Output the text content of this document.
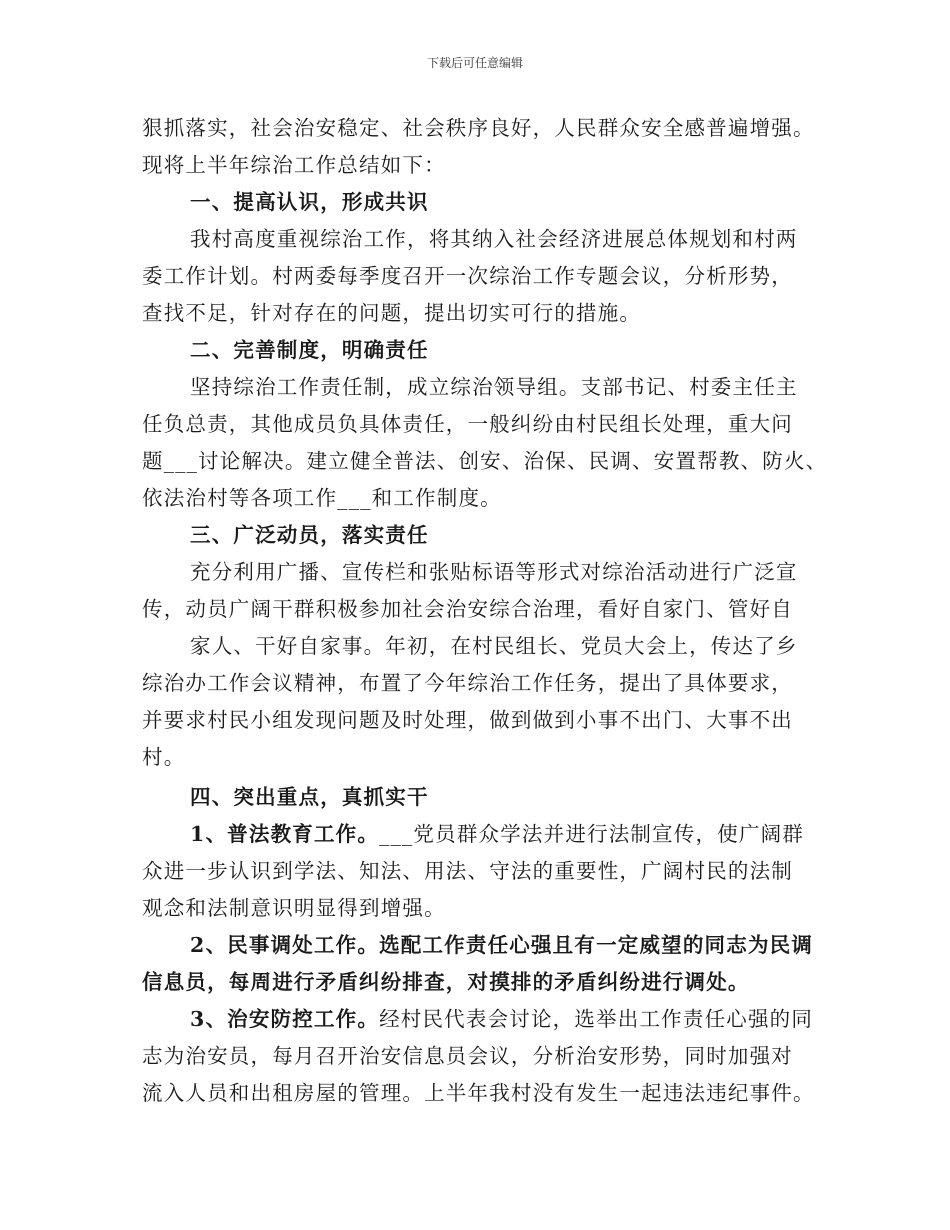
下载后可任意编辑
狠抓落实，社会治安稳定、社会秩序良好，人民群众安全感普遍增强。
现将上半年综治工作总结如下：
一、提高认识，形成共识
我村高度重视综治工作，将其纳入社会经济进展总体规划和村两
委工作计划。村两委每季度召开一次综治工作专题会议，分析形势，
查找不足，针对存在的问题，提出切实可行的措施。
二、完善制度，明确责任
坚持综治工作责任制，成立综治领导组。支部书记、村委主任主
任负总责，其他成员负具体责任，一般纠纷由村民组长处理，重大问
题___讨论解决。建立健全普法、创安、治保、民调、安置帮教、防火、
依法治村等各项工作___和工作制度。
三、广泛动员，落实责任
充分利用广播、宣传栏和张贴标语等形式对综治活动进行广泛宣
传，动员广阔干群积极参加社会治安综合治理，看好自家门、管好自
家人、干好自家事。年初，在村民组长、党员大会上，传达了乡
综治办工作会议精神，布置了今年综治工作任务，提出了具体要求，
并要求村民小组发现问题及时处理，做到做到小事不出门、大事不出
村。
四、突出重点，真抓实干
1、普法教育工作。___党员群众学法并进行法制宣传，使广阔群
众进一步认识到学法、知法、用法、守法的重要性，广阔村民的法制
观念和法制意识明显得到增强。
2、民事调处工作。选配工作责任心强且有一定威望的同志为民调
信息员，每周进行矛盾纠纷排查，对摸排的矛盾纠纷进行调处。
3、治安防控工作。经村民代表会讨论，选举出工作责任心强的同
志为治安员，每月召开治安信息员会议，分析治安形势，同时加强对
流入人员和出租房屋的管理。上半年我村没有发生一起违法违纪事件。
